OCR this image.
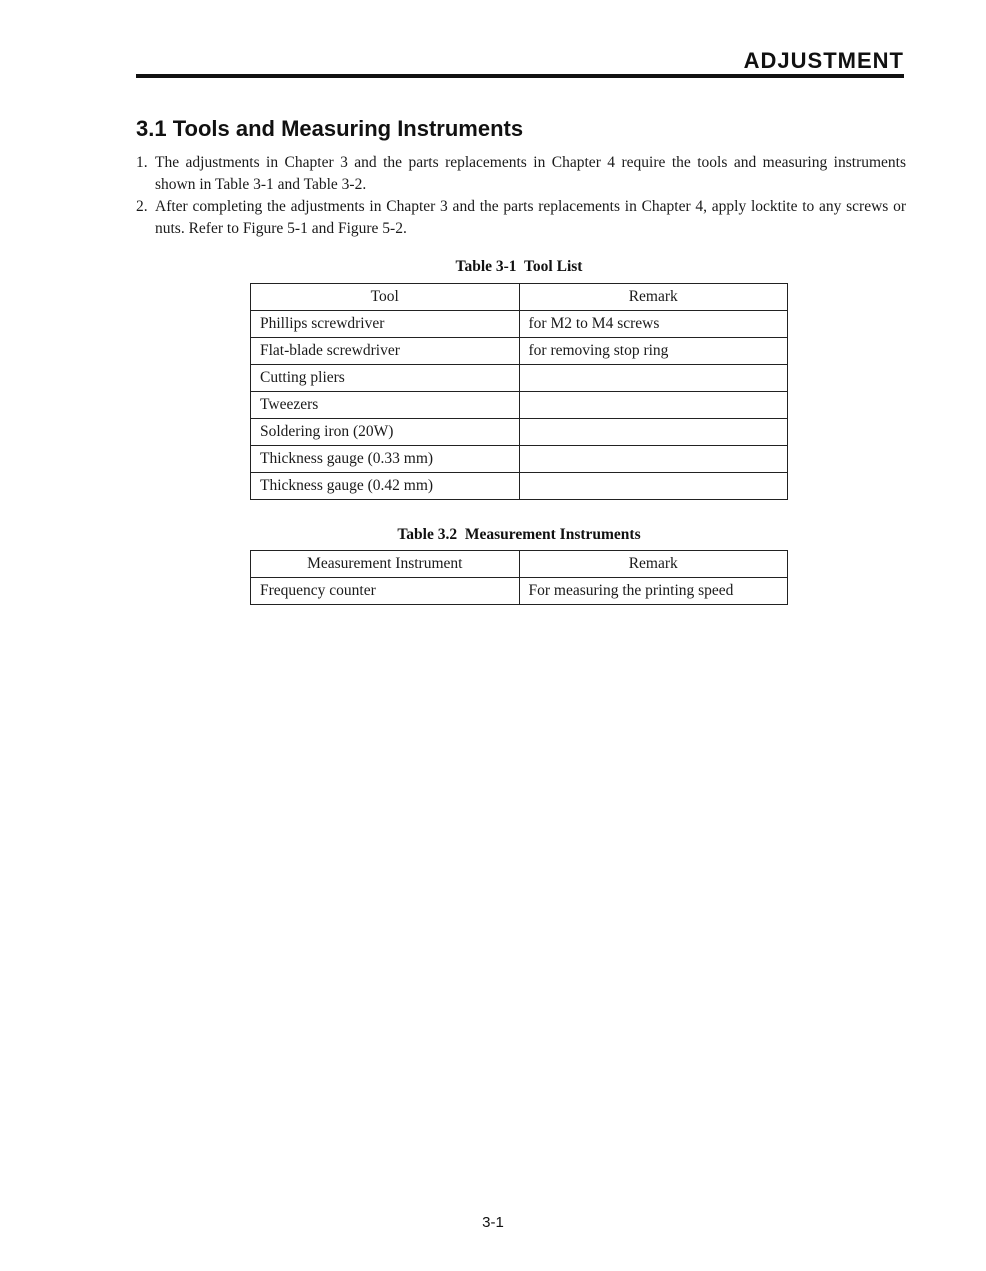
ADJUSTMENT
3.1 Tools and Measuring Instruments
1. The adjustments in Chapter 3 and the parts replacements in Chapter 4 require the tools and measuring instruments shown in Table 3-1 and Table 3-2.
2. After completing the adjustments in Chapter 3 and the parts replacements in Chapter 4, apply locktite to any screws or nuts. Refer to Figure 5-1 and Figure 5-2.
Table 3-1  Tool List
Tool	Remark
Phillips screwdriver	for M2 to M4 screws
Flat-blade screwdriver	for removing stop ring
Cutting pliers	
Tweezers	
Soldering iron (20W)	
Thickness gauge (0.33 mm)	
Thickness gauge (0.42 mm)	
Table 3.2  Measurement Instruments
Measurement Instrument	Remark
Frequency counter	For measuring the printing speed
3-1
